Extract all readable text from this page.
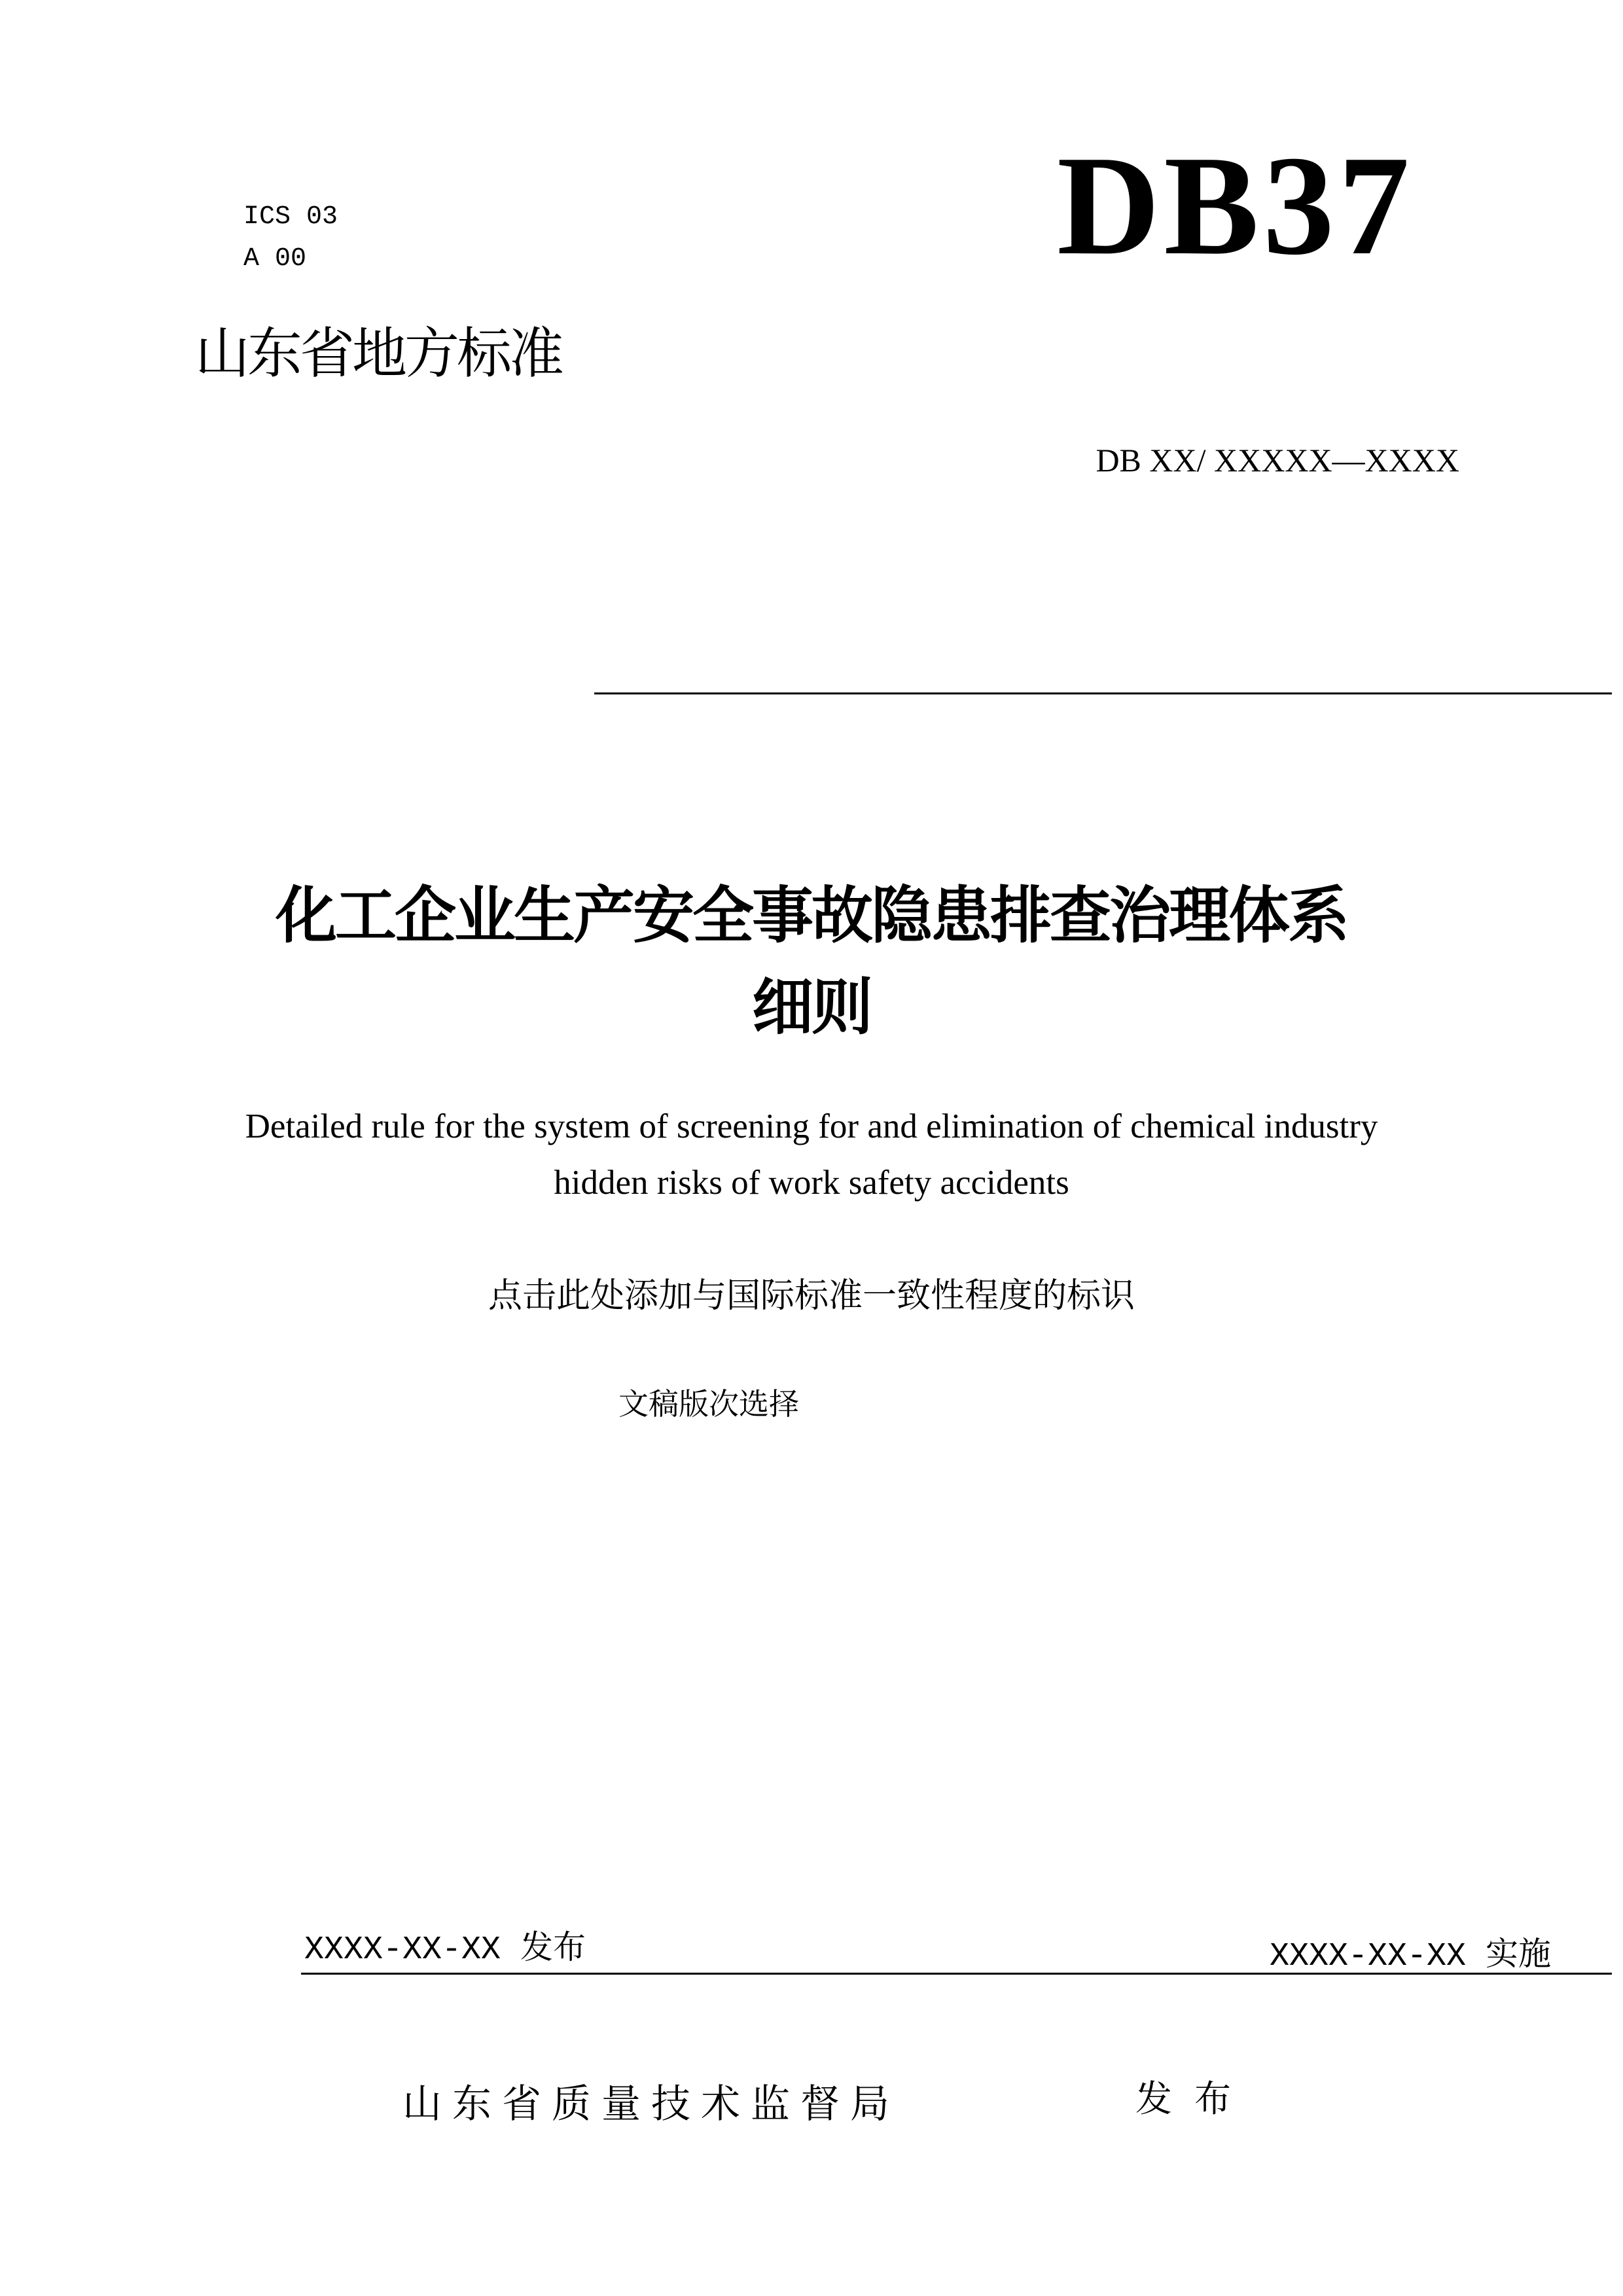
ICS 03
A 00	DB37
山东省地方标准
DB XX/ XXXXX—XXXX
化工企业生产安全事故隐患排查治理体系
细则
Detailed rule for the system of screening for and elimination of chemical industry
hidden risks of work safety accidents
点击此处添加与国际标准一致性程度的标识
文稿版次选择
XXXX-XX-XX 发布	XXXX-XX-XX 实施
山东省质量技术监督局	发布
